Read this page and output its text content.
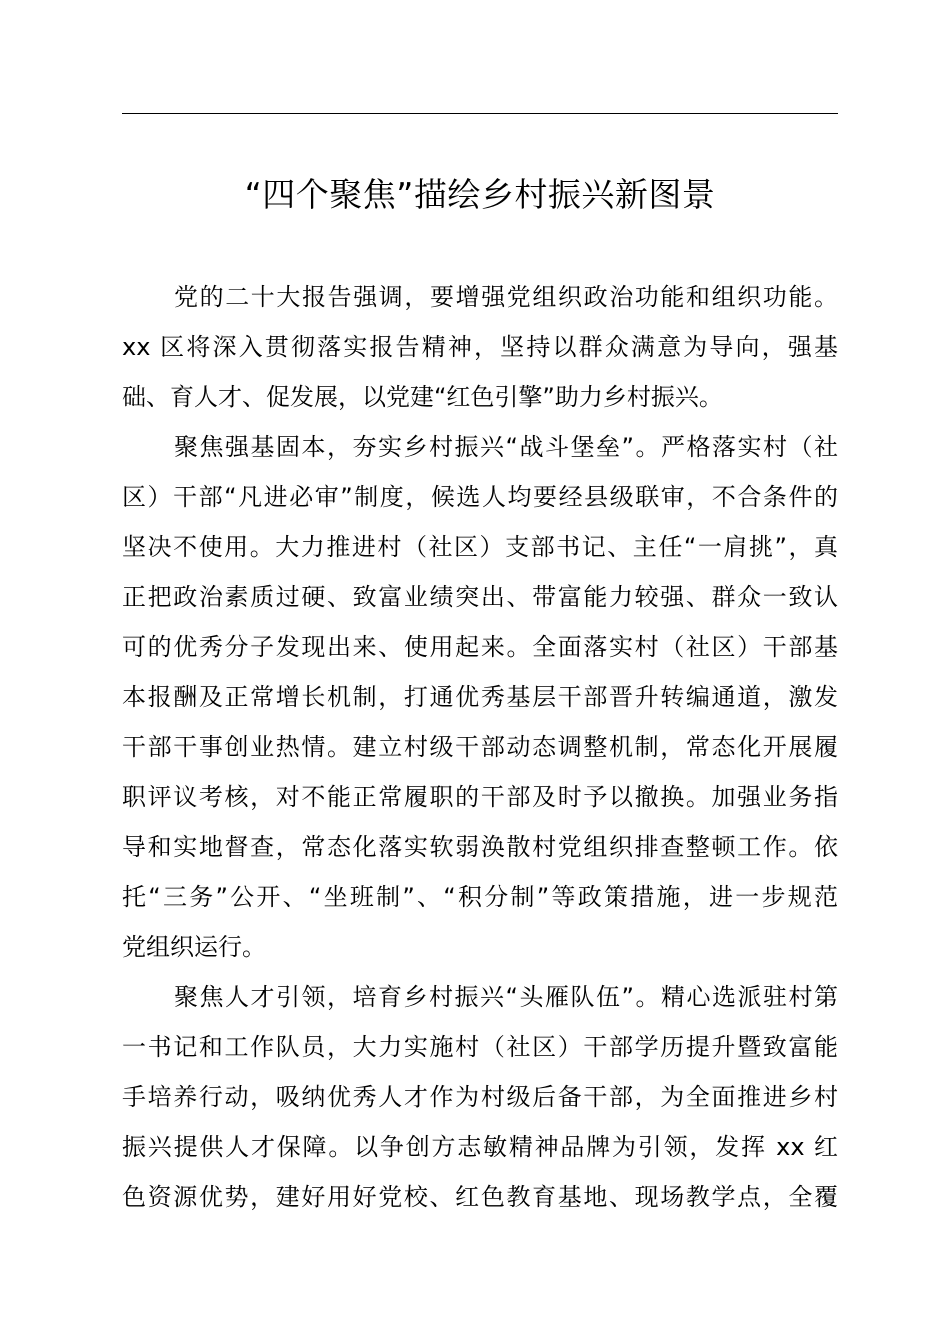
“四个聚焦”描绘乡村振兴新图景
党的二十大报告强调，要增强党组织政治功能和组织功能。
xx 区将深入贯彻落实报告精神，坚持以群众满意为导向，强基
础、育人才、促发展，以党建“红色引擎”助力乡村振兴。
聚焦强基固本，夯实乡村振兴“战斗堡垒”。严格落实村（社
区）干部“凡进必审”制度，候选人均要经县级联审，不合条件的
坚决不使用。大力推进村（社区）支部书记、主任“一肩挑”，真
正把政治素质过硬、致富业绩突出、带富能力较强、群众一致认
可的优秀分子发现出来、使用起来。全面落实村（社区）干部基
本报酬及正常增长机制，打通优秀基层干部晋升转编通道，激发
干部干事创业热情。建立村级干部动态调整机制，常态化开展履
职评议考核，对不能正常履职的干部及时予以撤换。加强业务指
导和实地督查，常态化落实软弱涣散村党组织排查整顿工作。依
托“三务”公开、“坐班制”、“积分制”等政策措施，进一步规范
党组织运行。
聚焦人才引领，培育乡村振兴“头雁队伍”。精心选派驻村第
一书记和工作队员，大力实施村（社区）干部学历提升暨致富能
手培养行动，吸纳优秀人才作为村级后备干部，为全面推进乡村
振兴提供人才保障。以争创方志敏精神品牌为引领，发挥 xx 红
色资源优势，建好用好党校、红色教育基地、现场教学点，全覆
